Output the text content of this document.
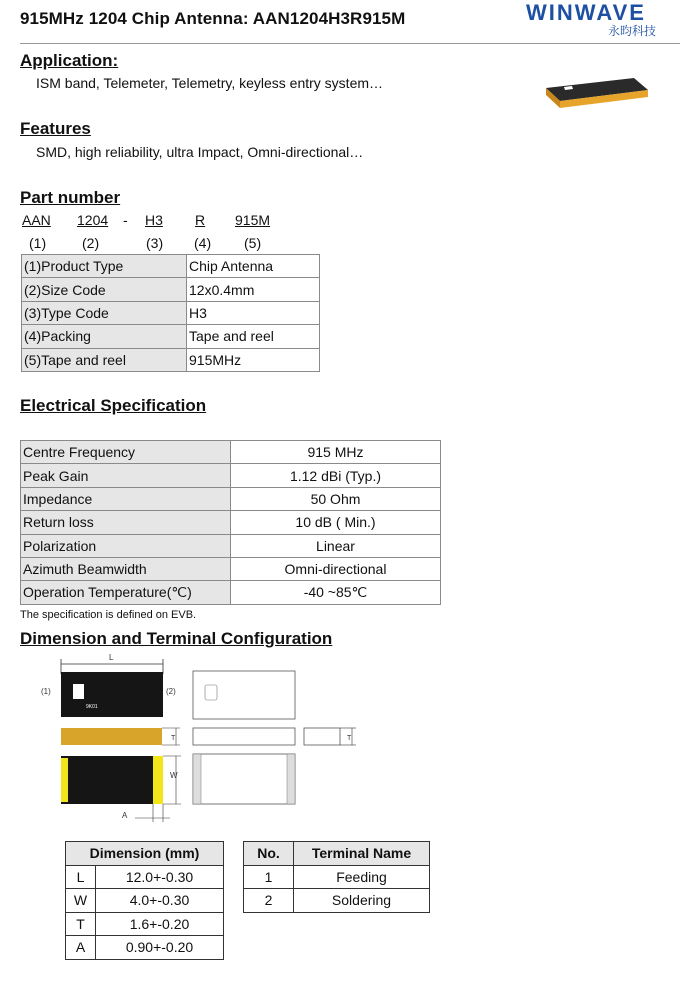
915MHz 1204 Chip Antenna: AAN1204H3R915M	WINWAVE
永昀科技
Application:
ISM band, Telemeter, Telemetry, keyless entry system…
Features
SMD, high reliability, ultra Impact, Omni-directional…
Part number
AAN 1204 - H3 R 915M
(1)	(2)	(3) (4) (5)
(1)Product Type	Chip Antenna
(2)Size Code	12x0.4mm
(3)Type Code	H3
(4)Packing	Tape and reel
(5)Tape and reel	915MHz
Electrical Specification
Centre Frequency	915 MHz
Peak Gain	1.12 dBi (Typ.)
Impedance	50 Ohm
Return loss	10 dB ( Min.)
Polarization	Linear
Azimuth Beamwidth	Omni-directional
Operation Temperature(℃)	-40 ~85℃
The specification is defined on EVB.
Dimension and Terminal Configuration
L
9K01
(1)	(2)
T	T
W
A
Dimension (mm)	
L	12.0+-0.30
W	4.0+-0.30
T	1.6+-0.20
A	0.90+-0.20
No.	Terminal Name
1	Feeding
2	Soldering
